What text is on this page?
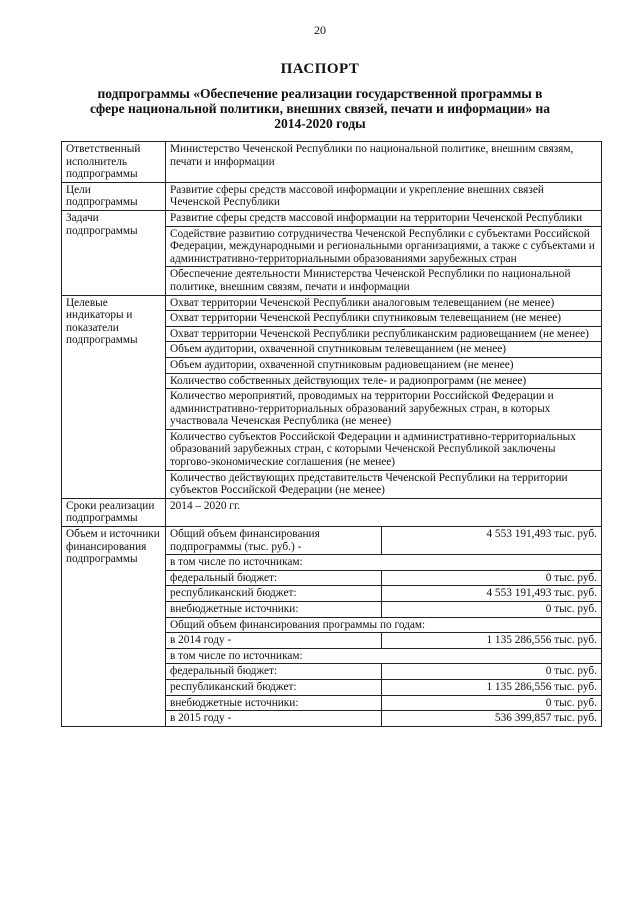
20
ПАСПОРТ
подпрограммы «Обеспечение реализации государственной программы в сфере национальной политики, внешних связей, печати и информации» на 2014-2020 годы
Ответственный исполнитель подпрограммы	Министерство Чеченской Республики по национальной политике, внешним связям, печати и информации	
Цели подпрограммы	Развитие сферы средств массовой информации и укрепление внешних связей Чеченской Республики	
Задачи подпрограммы	Развитие сферы средств массовой информации на территории Чеченской Республики	
	Содействие развитию сотрудничества Чеченской Республики с субъектами Российской Федерации, международными и региональными организациями, а также с субъектами и административно-территориальными образованиями зарубежных стран	
	Обеспечение деятельности Министерства Чеченской Республики по национальной политике, внешним связям, печати и информации	
Целевые индикаторы и показатели подпрограммы	Охват территории Чеченской Республики аналоговым телевещанием (не менее)	
	Охват территории Чеченской Республики спутниковым телевещанием (не менее)	
	Охват территории Чеченской Республики республиканским радиовещанием (не менее)	
	Объем аудитории, охваченной спутниковым телевещанием (не менее)	
	Объем аудитории, охваченной спутниковым радиовещанием (не менее)	
	Количество собственных действующих теле- и радиопрограмм (не менее)	
	Количество мероприятий, проводимых на территории Российской Федерации и административно-территориальных образований зарубежных стран, в которых участвовала Чеченская Республика (не менее)	
	Количество субъектов Российской Федерации и административно-территориальных образований зарубежных стран, с которыми Чеченской Республикой заключены торгово-экономические соглашения (не менее)	
	Количество действующих представительств Чеченской Республики на территории субъектов Российской Федерации (не менее)	
Сроки реализации подпрограммы	2014 – 2020 гг.	
Объем и источники финансирования подпрограммы	Общий объем финансирования подпрограммы (тыс. руб.) -	4 553 191,493 тыс. руб.
	в том числе по источникам:	
	федеральный бюджет:	0 тыс. руб.
	республиканский бюджет:	4 553 191,493 тыс. руб.
	внебюджетные источники:	0 тыс. руб.
	Общий объем финансирования программы по годам:	
	в 2014 году -	1 135 286,556 тыс. руб.
	в том числе по источникам:	
	федеральный бюджет:	0 тыс. руб.
	республиканский бюджет:	1 135 286,556 тыс. руб.
	внебюджетные источники:	0 тыс. руб.
	в 2015 году -	536 399,857 тыс. руб.
